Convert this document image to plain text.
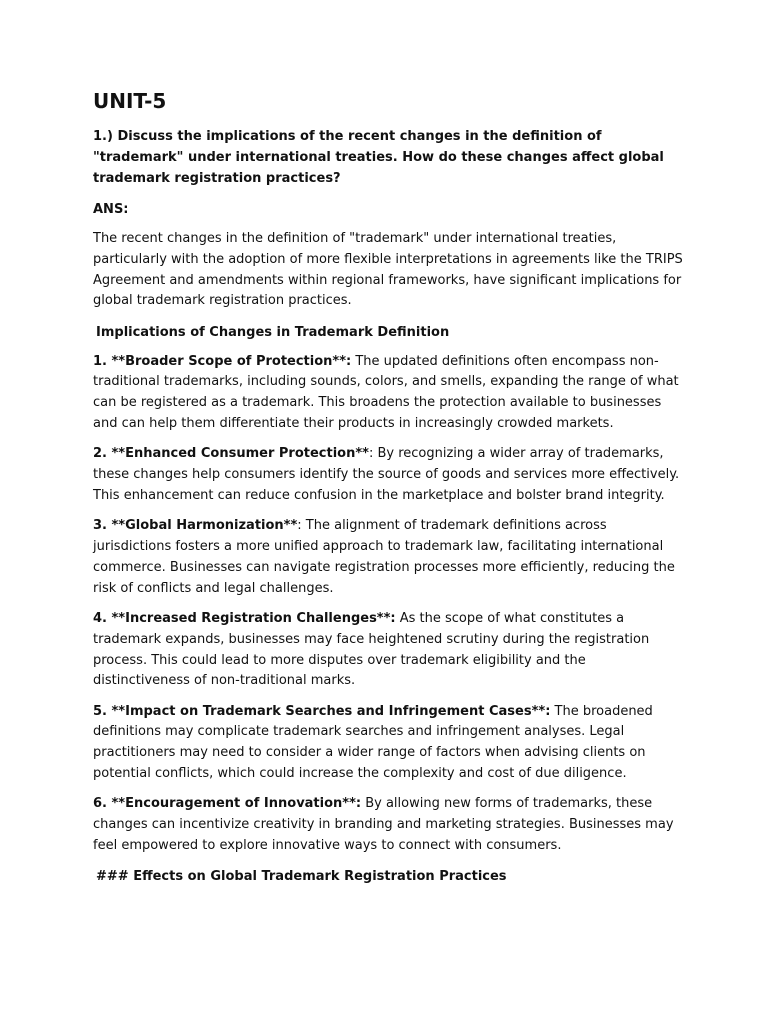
UNIT-5

1.) Discuss the implications of the recent changes in the definition of "trademark" under international treaties. How do these changes affect global trademark registration practices?

ANS:

The recent changes in the definition of "trademark" under international treaties, particularly with the adoption of more flexible interpretations in agreements like the TRIPS Agreement and amendments within regional frameworks, have significant implications for global trademark registration practices.

Implications of Changes in Trademark Definition

1. **Broader Scope of Protection**: The updated definitions often encompass non-traditional trademarks, including sounds, colors, and smells, expanding the range of what can be registered as a trademark. This broadens the protection available to businesses and can help them differentiate their products in increasingly crowded markets.

2. **Enhanced Consumer Protection**: By recognizing a wider array of trademarks, these changes help consumers identify the source of goods and services more effectively. This enhancement can reduce confusion in the marketplace and bolster brand integrity.

3. **Global Harmonization**: The alignment of trademark definitions across jurisdictions fosters a more unified approach to trademark law, facilitating international commerce. Businesses can navigate registration processes more efficiently, reducing the risk of conflicts and legal challenges.

4. **Increased Registration Challenges**: As the scope of what constitutes a trademark expands, businesses may face heightened scrutiny during the registration process. This could lead to more disputes over trademark eligibility and the distinctiveness of non-traditional marks.

5. **Impact on Trademark Searches and Infringement Cases**: The broadened definitions may complicate trademark searches and infringement analyses. Legal practitioners may need to consider a wider range of factors when advising clients on potential conflicts, which could increase the complexity and cost of due diligence.

6. **Encouragement of Innovation**: By allowing new forms of trademarks, these changes can incentivize creativity in branding and marketing strategies. Businesses may feel empowered to explore innovative ways to connect with consumers.

### Effects on Global Trademark Registration Practices
